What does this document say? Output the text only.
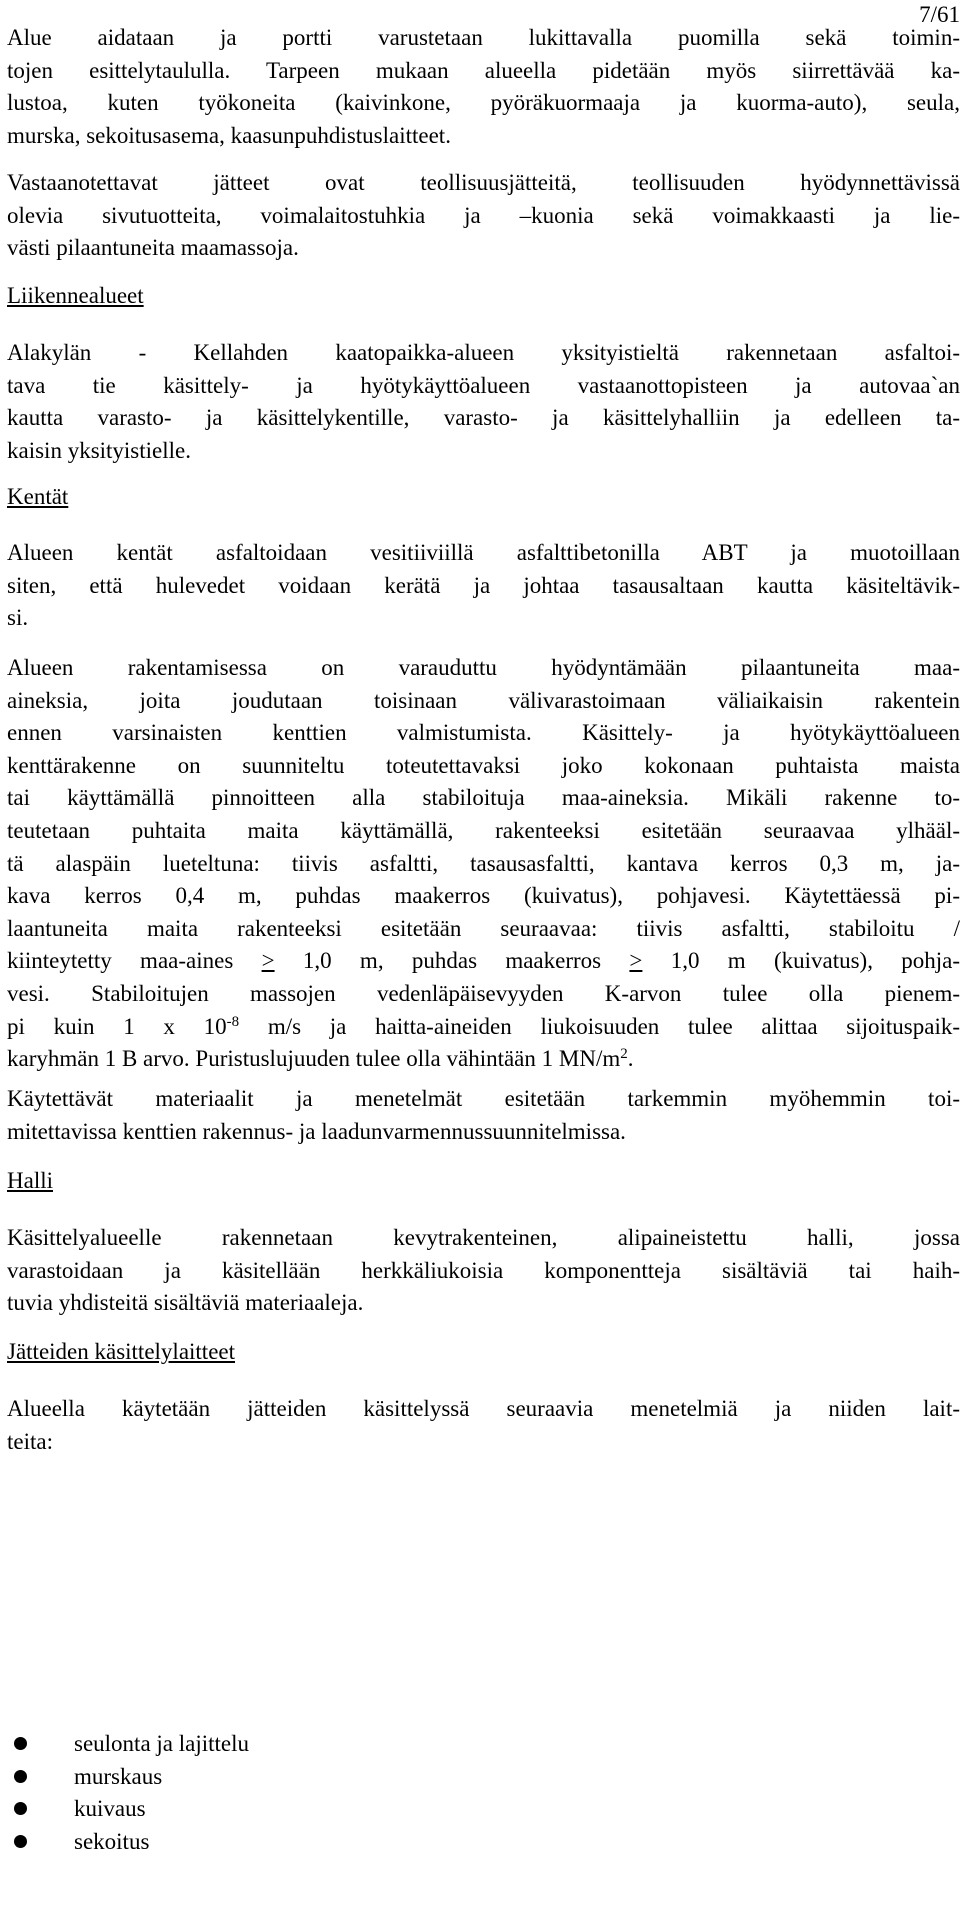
7/61
Alue aidataan ja portti varustetaan lukittavalla puomilla sekä toimin-
tojen esittelytaululla. Tarpeen mukaan alueella pidetään myös siirrettävää ka-
lustoa, kuten työkoneita (kaivinkone, pyöräkuormaaja ja kuorma-auto), seula,
murska, sekoitusasema, kaasunpuhdistuslaitteet.
Vastaanotettavat jätteet ovat teollisuusjätteitä, teollisuuden hyödynnettävissä
olevia sivutuotteita, voimalaitostuhkia ja –kuonia sekä voimakkaasti ja lie-
västi pilaantuneita maamassoja.
Liikennealueet
Alakylän - Kellahden kaatopaikka-alueen yksityistieltä rakennetaan asfaltoi-
tava tie käsittely- ja hyötykäyttöalueen vastaanottopisteen ja autovaa`an
kautta varasto- ja käsittelykentille, varasto- ja käsittelyhalliin ja edelleen ta-
kaisin yksityistielle.
Kentät
Alueen kentät asfaltoidaan vesitiiviillä asfalttibetonilla ABT ja muotoillaan
siten, että hulevedet voidaan kerätä ja johtaa tasausaltaan kautta käsiteltävik-
si.
Alueen rakentamisessa on varauduttu hyödyntämään pilaantuneita maa-
aineksia, joita joudutaan toisinaan välivarastoimaan väliaikaisin rakentein
ennen varsinaisten kenttien valmistumista. Käsittely- ja hyötykäyttöalueen
kenttärakenne on suunniteltu toteutettavaksi joko kokonaan puhtaista maista
tai käyttämällä pinnoitteen alla stabiloituja maa-aineksia. Mikäli rakenne to-
teutetaan puhtaita maita käyttämällä, rakenteeksi esitetään seuraavaa ylhääl-
tä alaspäin lueteltuna: tiivis asfaltti, tasausasfaltti, kantava kerros 0,3 m, ja-
kava kerros 0,4 m, puhdas maakerros (kuivatus), pohjavesi. Käytettäessä pi-
laantuneita maita rakenteeksi esitetään seuraavaa: tiivis asfaltti, stabiloitu /
kiinteytetty maa-aines ≥ 1,0 m, puhdas maakerros ≥ 1,0 m (kuivatus), pohja-
vesi. Stabiloitujen massojen vedenläpäisevyyden K-arvon tulee olla pienem-
pi kuin 1 x $10^{-8}$ m/s ja haitta-aineiden liukoisuuden tulee alittaa sijoituspaik-
karyhmän 1 B arvo. Puristuslujuuden tulee olla vähintään 1 $MN/m^2$.
Käytettävät materiaalit ja menetelmät esitetään tarkemmin myöhemmin toi-
mitettavissa kenttien rakennus- ja laadunvarmennussuunnitelmissa.
Halli
Käsittelyalueelle rakennetaan kevytrakenteinen, alipaineistettu halli, jossa
varastoidaan ja käsitellään herkkäliukoisia komponentteja sisältäviä tai haih-
tuvia yhdisteitä sisältäviä materiaaleja.
Jätteiden käsittelylaitteet
Alueella käytetään jätteiden käsittelyssä seuraavia menetelmiä ja niiden lait-
teita:
seulonta ja lajittelu
murskaus
kuivaus
sekoitus
